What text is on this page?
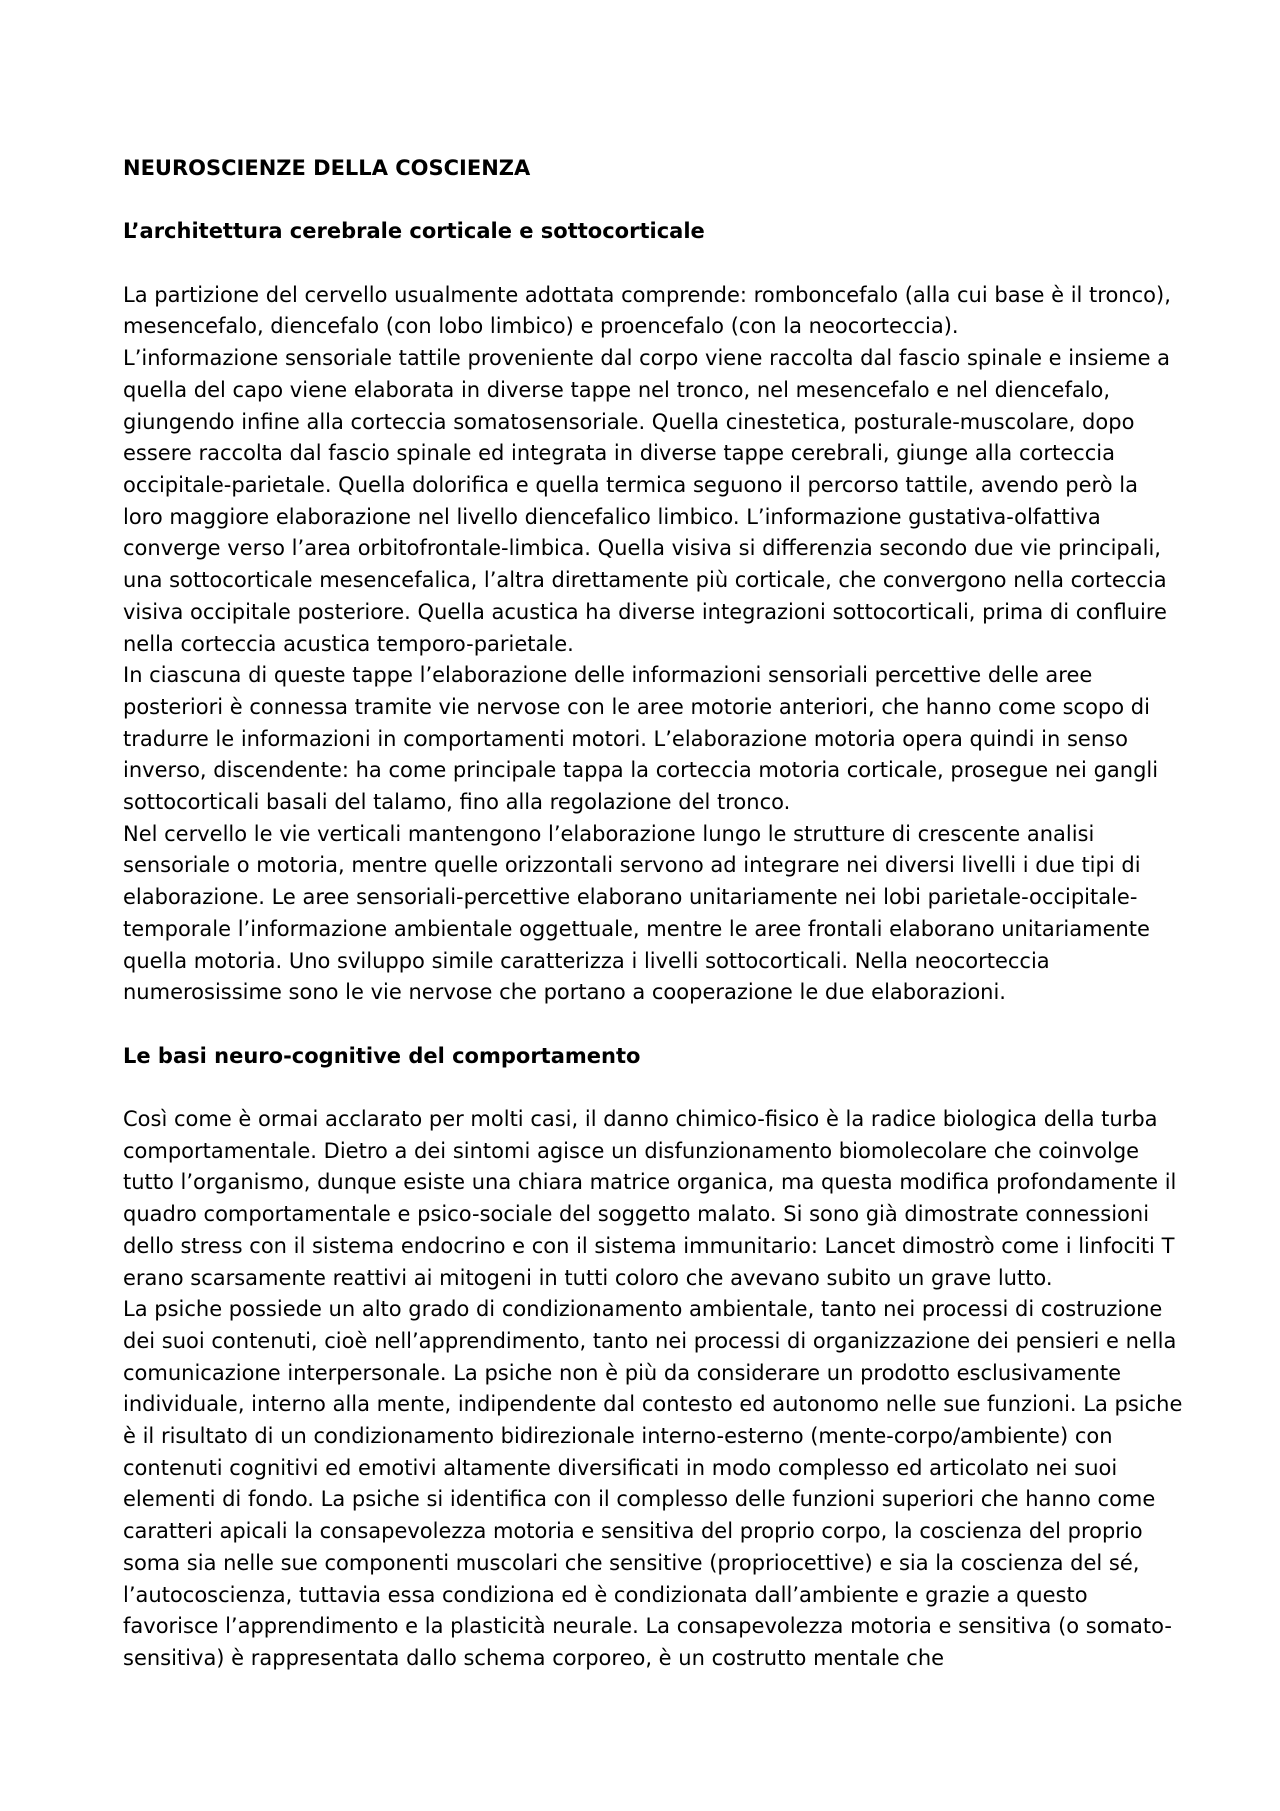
NEUROSCIENZE DELLA COSCIENZA

L’architettura cerebrale corticale e sottocorticale

La partizione del cervello usualmente adottata comprende: romboncefalo (alla cui base è il tronco), mesencefalo, diencefalo (con lobo limbico) e proencefalo (con la neocorteccia).

L’informazione sensoriale tattile proveniente dal corpo viene raccolta dal fascio spinale e insieme a quella del capo viene elaborata in diverse tappe nel tronco, nel mesencefalo e nel diencefalo, giungendo infine alla corteccia somatosensoriale. Quella cinestetica, posturale-muscolare, dopo essere raccolta dal fascio spinale ed integrata in diverse tappe cerebrali, giunge alla corteccia occipitale-parietale. Quella dolorifica e quella termica seguono il percorso tattile, avendo però la loro maggiore elaborazione nel livello diencefalico limbico. L’informazione gustativa-olfattiva converge verso l’area orbitofrontale-limbica. Quella visiva si differenzia secondo due vie principali, una sottocorticale mesencefalica, l’altra direttamente più corticale, che convergono nella corteccia visiva occipitale posteriore. Quella acustica ha diverse integrazioni sottocorticali, prima di confluire nella corteccia acustica temporo-parietale.

In ciascuna di queste tappe l’elaborazione delle informazioni sensoriali percettive delle aree posteriori è connessa tramite vie nervose con le aree motorie anteriori, che hanno come scopo di tradurre le informazioni in comportamenti motori. L’elaborazione motoria opera quindi in senso inverso, discendente: ha come principale tappa la corteccia motoria corticale, prosegue nei gangli sottocorticali basali del talamo, fino alla regolazione del tronco.

Nel cervello le vie verticali mantengono l’elaborazione lungo le strutture di crescente analisi sensoriale o motoria, mentre quelle orizzontali servono ad integrare nei diversi livelli i due tipi di elaborazione. Le aree sensoriali-percettive elaborano unitariamente nei lobi parietale-occipitale-temporale l’informazione ambientale oggettuale, mentre le aree frontali elaborano unitariamente quella motoria. Uno sviluppo simile caratterizza i livelli sottocorticali. Nella neocorteccia numerosissime sono le vie nervose che portano a cooperazione le due elaborazioni.

Le basi neuro-cognitive del comportamento

Così come è ormai acclarato per molti casi, il danno chimico-fisico è la radice biologica della turba comportamentale. Dietro a dei sintomi agisce un disfunzionamento biomolecolare che coinvolge tutto l’organismo, dunque esiste una chiara matrice organica, ma questa modifica profondamente il quadro comportamentale e psico-sociale del soggetto malato. Si sono già dimostrate connessioni dello stress con il sistema endocrino e con il sistema immunitario: Lancet dimostrò come i linfociti T erano scarsamente reattivi ai mitogeni in tutti coloro che avevano subito un grave lutto.

La psiche possiede un alto grado di condizionamento ambientale, tanto nei processi di costruzione dei suoi contenuti, cioè nell’apprendimento, tanto nei processi di organizzazione dei pensieri e nella comunicazione interpersonale. La psiche non è più da considerare un prodotto esclusivamente individuale, interno alla mente, indipendente dal contesto ed autonomo nelle sue funzioni. La psiche è il risultato di un condizionamento bidirezionale interno-esterno (mente-corpo/ambiente) con contenuti cognitivi ed emotivi altamente diversificati in modo complesso ed articolato nei suoi elementi di fondo. La psiche si identifica con il complesso delle funzioni superiori che hanno come caratteri apicali la consapevolezza motoria e sensitiva del proprio corpo, la coscienza del proprio soma sia nelle sue componenti muscolari che sensitive (propriocettive) e sia la coscienza del sé, l’autocoscienza, tuttavia essa condiziona ed è condizionata dall’ambiente e grazie a questo favorisce l’apprendimento e la plasticità neurale. La consapevolezza motoria e sensitiva (o somato-sensitiva) è rappresentata dallo schema corporeo, è un costrutto mentale che
